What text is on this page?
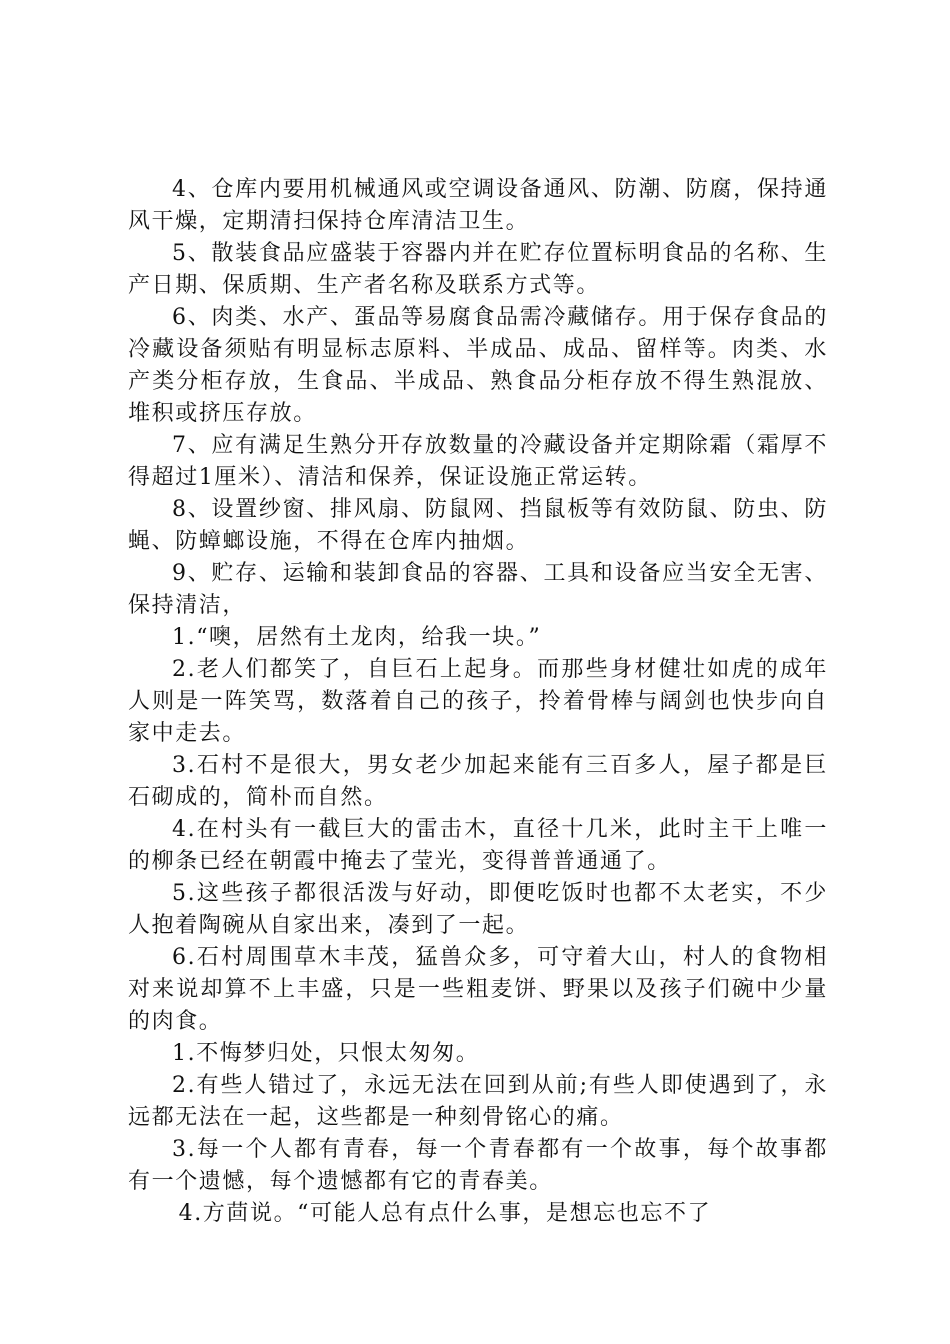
4、仓库内要用机械通风或空调设备通风、防潮、防腐，保持通风干燥，定期清扫保持仓库清洁卫生。

5、散装食品应盛装于容器内并在贮存位置标明食品的名称、生产日期、保质期、生产者名称及联系方式等。

6、肉类、水产、蛋品等易腐食品需冷藏储存。用于保存食品的冷藏设备须贴有明显标志原料、半成品、成品、留样等。肉类、水产类分柜存放，生食品、半成品、熟食品分柜存放不得生熟混放、堆积或挤压存放。

7、应有满足生熟分开存放数量的冷藏设备并定期除霜（霜厚不得超过1厘米）、清洁和保养，保证设施正常运转。

8、设置纱窗、排风扇、防鼠网、挡鼠板等有效防鼠、防虫、防蝇、防蟑螂设施，不得在仓库内抽烟。

9、贮存、运输和装卸食品的容器、工具和设备应当安全无害、保持清洁，

1.“噢，居然有土龙肉，给我一块。”

2.老人们都笑了，自巨石上起身。而那些身材健壮如虎的成年人则是一阵笑骂，数落着自己的孩子，拎着骨棒与阔剑也快步向自家中走去。

3.石村不是很大，男女老少加起来能有三百多人，屋子都是巨石砌成的，简朴而自然。

4.在村头有一截巨大的雷击木，直径十几米，此时主干上唯一的柳条已经在朝霞中掩去了莹光，变得普普通通了。

5.这些孩子都很活泼与好动，即便吃饭时也都不太老实，不少人抱着陶碗从自家出来，凑到了一起。

6.石村周围草木丰茂，猛兽众多，可守着大山，村人的食物相对来说却算不上丰盛，只是一些粗麦饼、野果以及孩子们碗中少量的肉食。

1.不悔梦归处，只恨太匆匆。

2.有些人错过了，永远无法在回到从前;有些人即使遇到了，永远都无法在一起，这些都是一种刻骨铭心的痛。

3.每一个人都有青春，每一个青春都有一个故事，每个故事都有一个遗憾，每个遗憾都有它的青春美。

4.方茴说。“可能人总有点什么事，是想忘也忘不了
